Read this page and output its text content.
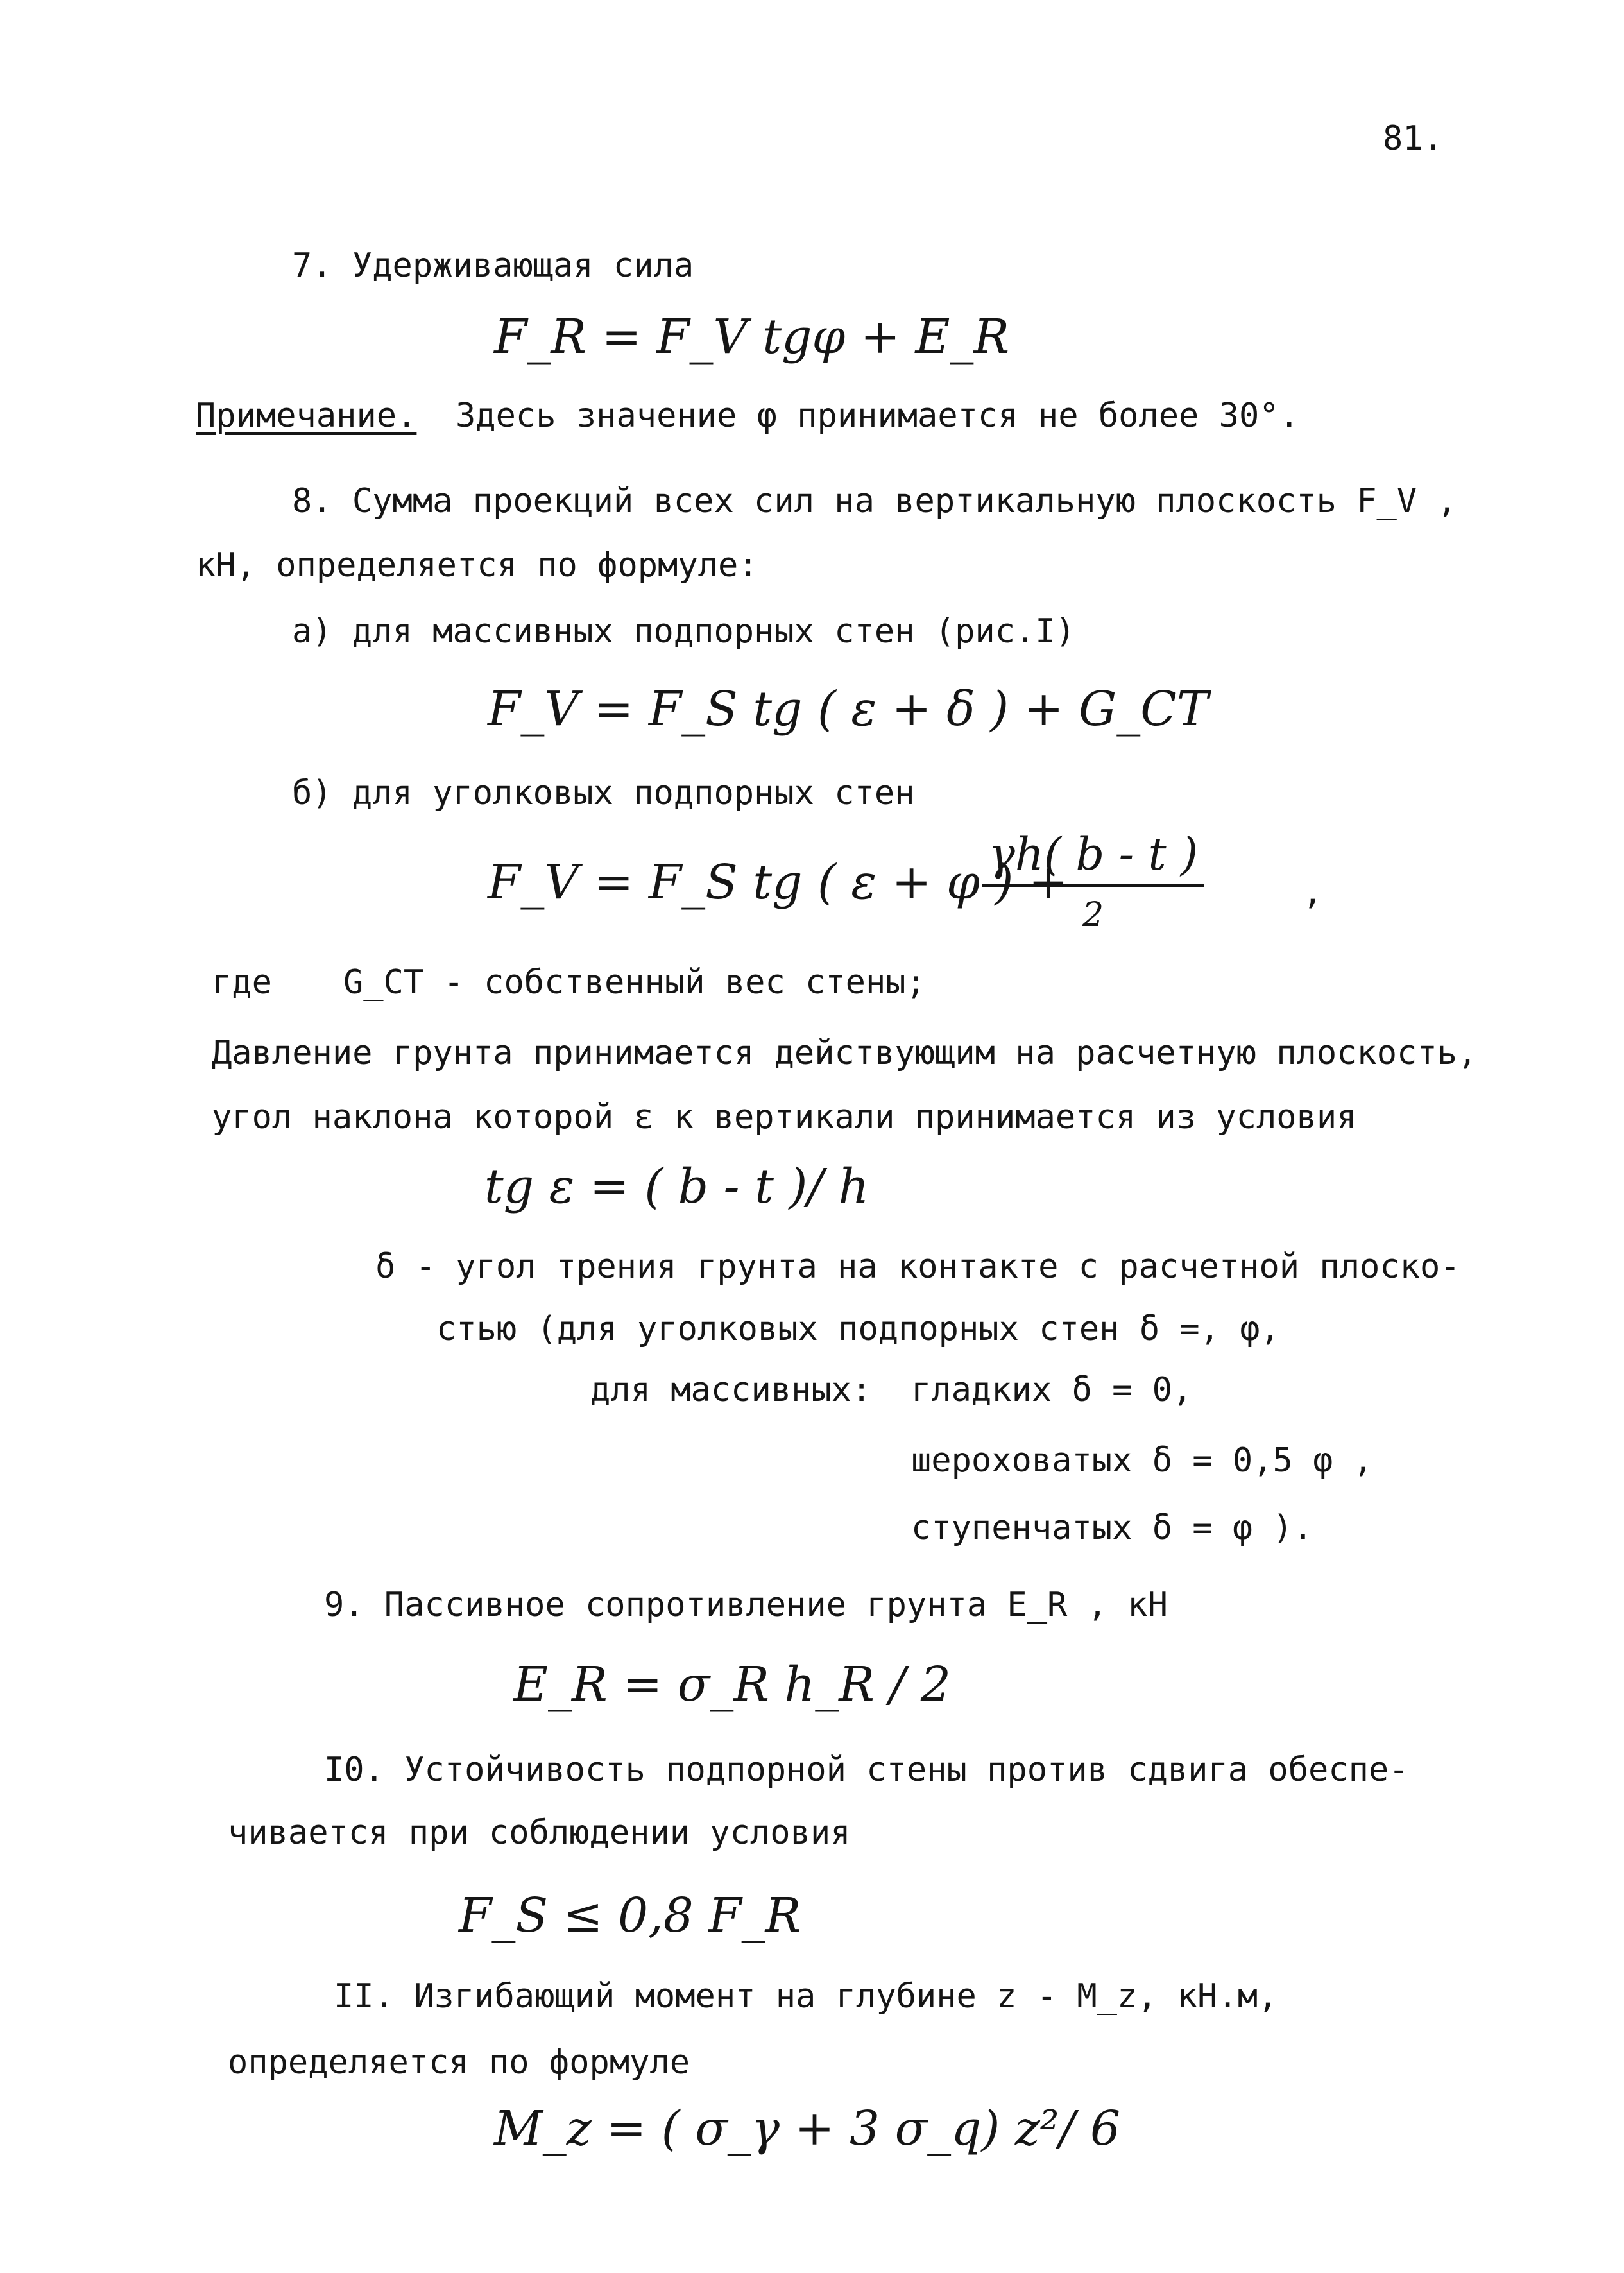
81.
7. Удерживающая сила
F_R = F_V tgφ + E_R
Примечание. Здесь значение φ принимается не более 30°.
8. Сумма проекций всех сил на вертикальную плоскость F_V ,
кН, определяется по формуле:
а) для массивных подпорных стен (рис.I)
F_V = F_S tg ( ε + δ ) + G_CT
б) для уголковых подпорных стен
F_V = F_S tg ( ε + φ ) +
γh( b - t )
2
,
где G_CT - собственный вес стены;
Давление грунта принимается действующим на расчетную плоскость,
угол наклона которой ε к вертикали принимается из условия
tg ε = ( b - t )/ h
δ - угол трения грунта на контакте с расчетной плоско-
стью (для уголковых подпорных стен δ =, φ,
для массивных: гладких δ = 0,
шероховатых δ = 0,5 φ ,
ступенчатых δ = φ ).
9. Пассивное сопротивление грунта E_R , кН
E_R = σ_R h_R / 2
I0. Устойчивость подпорной стены против сдвига обеспе-
чивается при соблюдении условия
F_S ≤ 0,8 F_R
II. Изгибающий момент на глубине z - M_z, кН.м,
определяется по формуле
M_z = ( σ_γ + 3 σ_q) z²/ 6
